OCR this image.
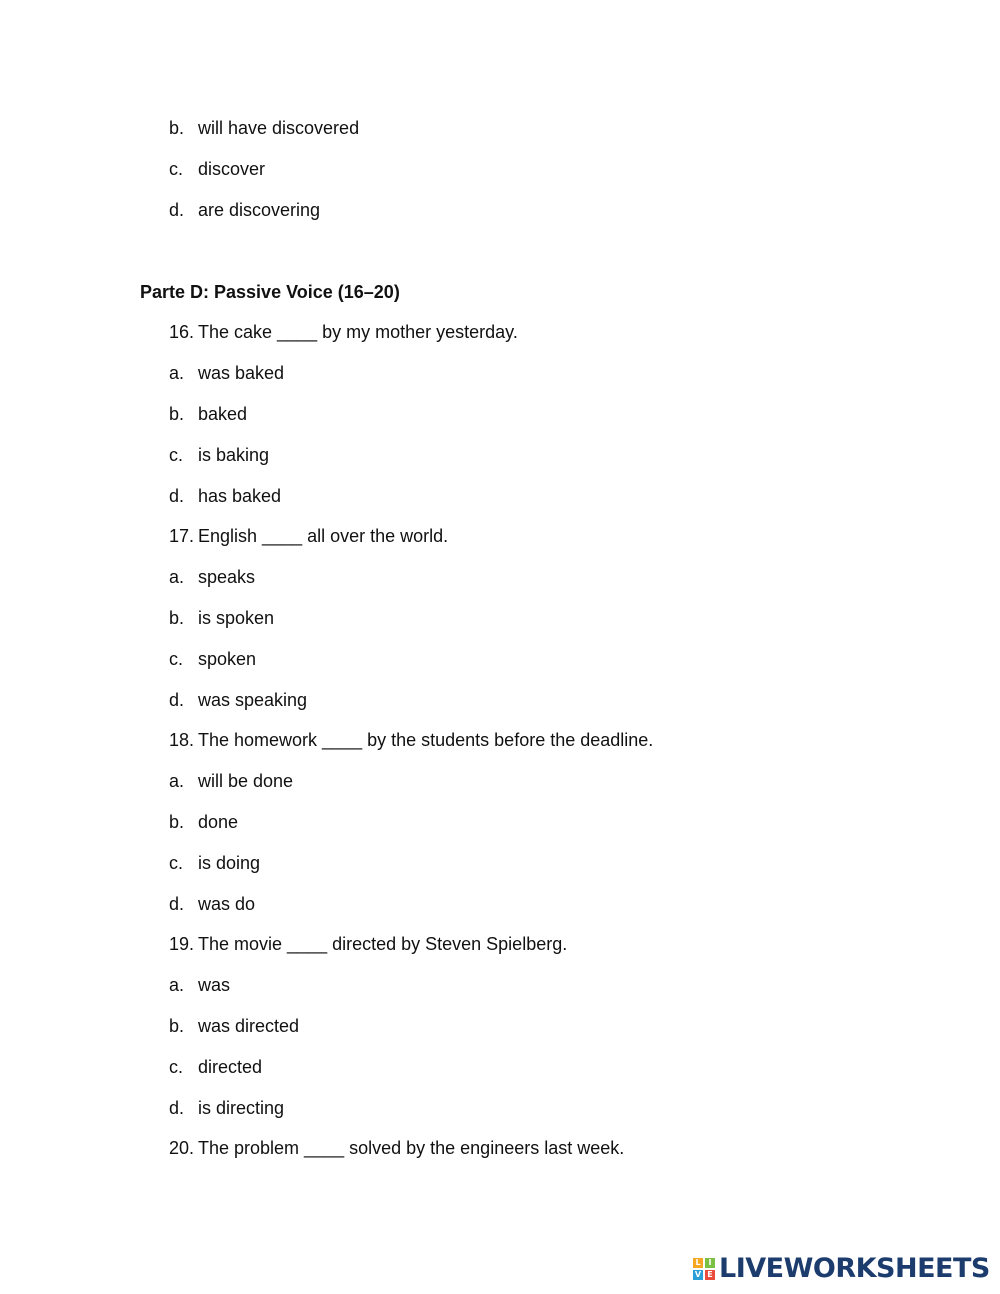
b. will have discovered
c. discover
d. are discovering
Parte D: Passive Voice (16–20)
16. The cake ____ by my mother yesterday.
a. was baked
b. baked
c. is baking
d. has baked
17. English ____ all over the world.
a. speaks
b. is spoken
c. spoken
d. was speaking
18. The homework ____ by the students before the deadline.
a. will be done
b. done
c. is doing
d. was do
19. The movie ____ directed by Steven Spielberg.
a. was
b. was directed
c. directed
d. is directing
20. The problem ____ solved by the engineers last week.
L I
V E LIVEWORKSHEETS
